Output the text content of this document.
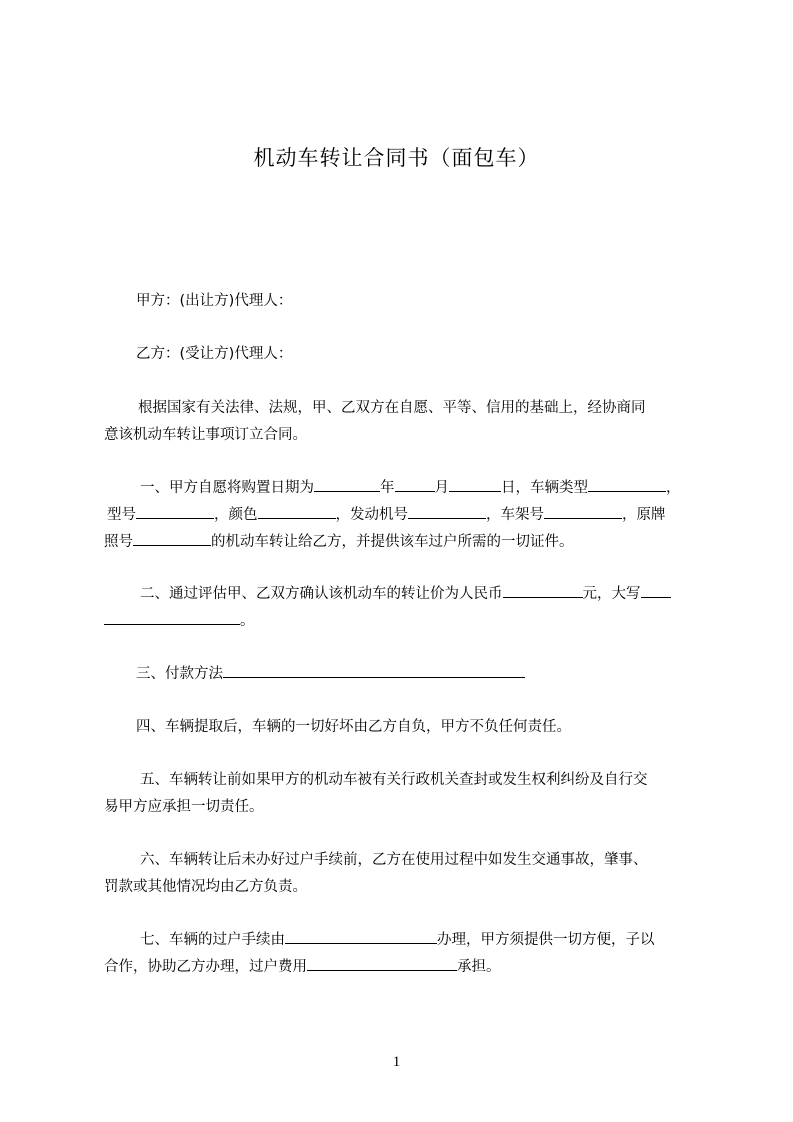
机动车转让合同书（面包车）
甲方：(出让方)代理人：
乙方：(受让方)代理人：
根据国家有关法律、法规，甲、乙双方在自愿、平等、信用的基础上，经协商同
意该机动车转让事项订立合同。
一、甲方自愿将购置日期为	年	月	日，车辆类型	，
型号	，颜色	，发动机号	，车架号	，原牌
照号	的机动车转让给乙方，并提供该车过户所需的一切证件。
二、通过评估甲、乙双方确认该机动车的转让价为人民币	元，大写
。
三、付款方法
四、车辆提取后，车辆的一切好坏由乙方自负，甲方不负任何责任。
五、车辆转让前如果甲方的机动车被有关行政机关查封或发生权利纠纷及自行交
易甲方应承担一切责任。
六、车辆转让后未办好过户手续前，乙方在使用过程中如发生交通事故，肇事、
罚款或其他情况均由乙方负责。
七、车辆的过户手续由	办理，甲方须提供一切方便，子以
合作，协助乙方办理，过户费用	承担。
1
